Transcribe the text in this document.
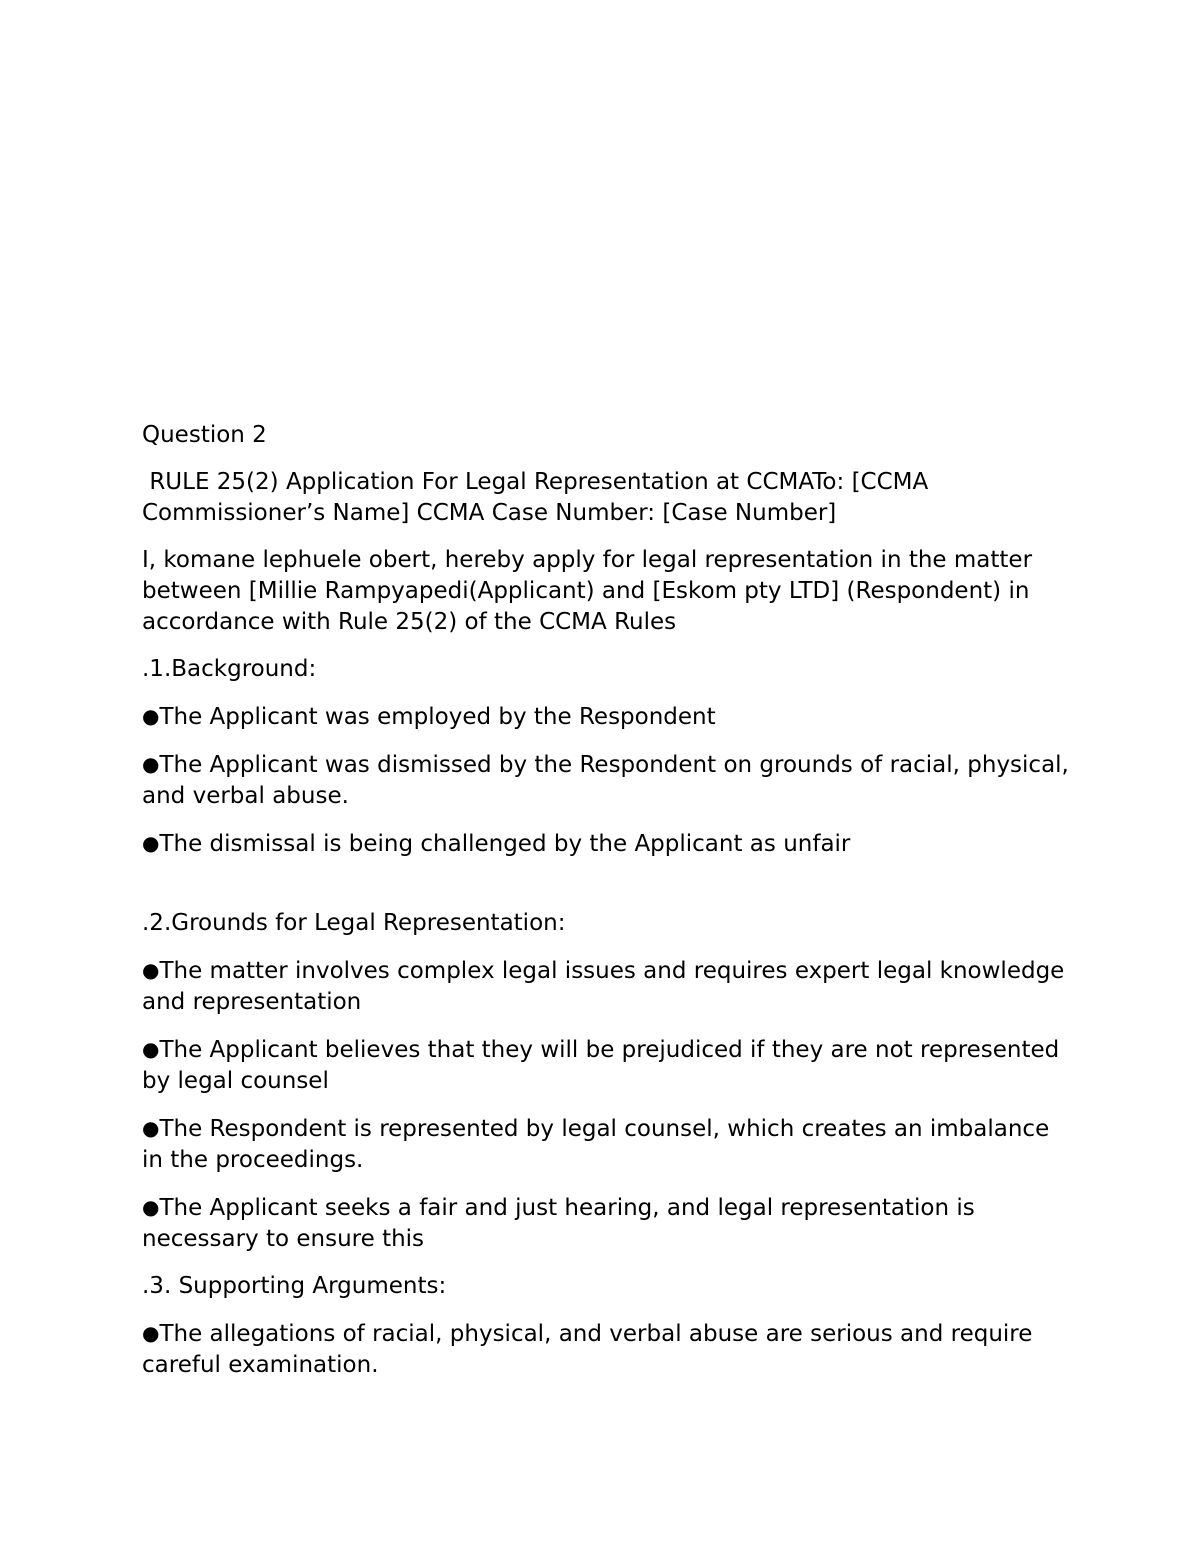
Question 2

RULE 25(2) Application For Legal Representation at CCMATo: [CCMA Commissioner’s Name] CCMA Case Number: [Case Number]

I, komane lephuele obert, hereby apply for legal representation in the matter between [Millie Rampyapedi(Applicant) and [Eskom pty LTD] (Respondent) in accordance with Rule 25(2) of the CCMA Rules

.1.Background:

●The Applicant was employed by the Respondent

●The Applicant was dismissed by the Respondent on grounds of racial, physical, and verbal abuse.

●The dismissal is being challenged by the Applicant as unfair

.2.Grounds for Legal Representation:

●The matter involves complex legal issues and requires expert legal knowledge and representation

●The Applicant believes that they will be prejudiced if they are not represented by legal counsel

●The Respondent is represented by legal counsel, which creates an imbalance in the proceedings.

●The Applicant seeks a fair and just hearing, and legal representation is necessary to ensure this

.3. Supporting Arguments:

●The allegations of racial, physical, and verbal abuse are serious and require careful examination.
